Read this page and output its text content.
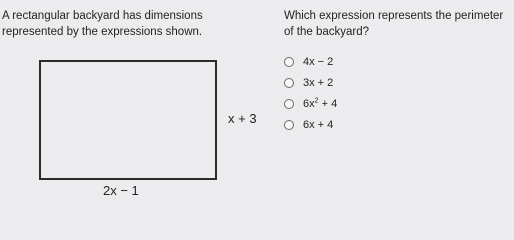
A rectangular backyard has dimensions represented by the expressions shown.
Which expression represents the perimeter of the backyard?
x + 3
2x − 1
4x − 2
3x + 2
$6x^2 + 4$
6x + 4
